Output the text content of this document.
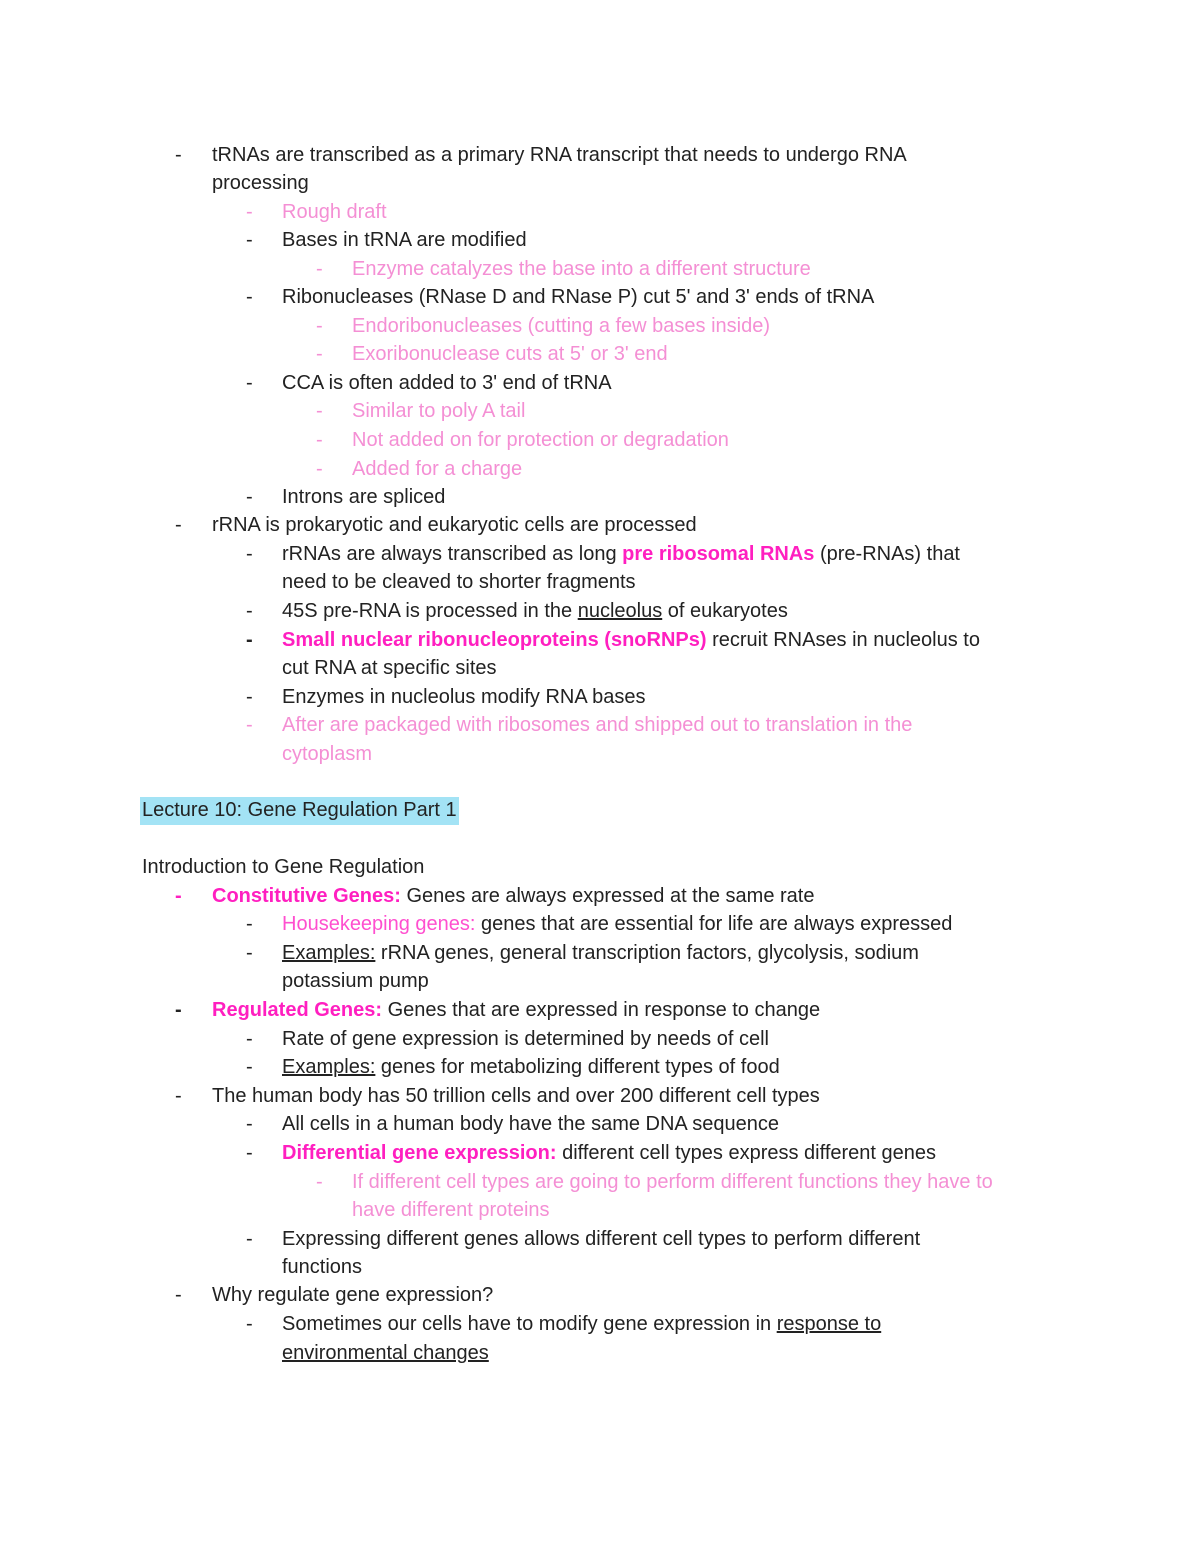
- tRNAs are transcribed as a primary RNA transcript that needs to undergo RNA
processing
- Rough draft
- Bases in tRNA are modified
- Enzyme catalyzes the base into a different structure
- Ribonucleases (RNase D and RNase P) cut 5' and 3' ends of tRNA
- Endoribonucleases (cutting a few bases inside)
- Exoribonuclease cuts at 5' or 3' end
- CCA is often added to 3' end of tRNA
- Similar to poly A tail
- Not added on for protection or degradation
- Added for a charge
- Introns are spliced
- rRNA is prokaryotic and eukaryotic cells are processed
- rRNAs are always transcribed as long pre ribosomal RNAs (pre-RNAs) that
need to be cleaved to shorter fragments
- 45S pre-RNA is processed in the nucleolus of eukaryotes
- Small nuclear ribonucleoproteins (snoRNPs) recruit RNAses in nucleolus to
cut RNA at specific sites
- Enzymes in nucleolus modify RNA bases
- After are packaged with ribosomes and shipped out to translation in the
cytoplasm
Lecture 10: Gene Regulation Part 1
Introduction to Gene Regulation
- Constitutive Genes: Genes are always expressed at the same rate
- Housekeeping genes: genes that are essential for life are always expressed
- Examples: rRNA genes, general transcription factors, glycolysis, sodium
potassium pump
- Regulated Genes: Genes that are expressed in response to change
- Rate of gene expression is determined by needs of cell
- Examples: genes for metabolizing different types of food
- The human body has 50 trillion cells and over 200 different cell types
- All cells in a human body have the same DNA sequence
- Differential gene expression: different cell types express different genes
- If different cell types are going to perform different functions they have to
have different proteins
- Expressing different genes allows different cell types to perform different
functions
- Why regulate gene expression?
- Sometimes our cells have to modify gene expression in response to
environmental changes
